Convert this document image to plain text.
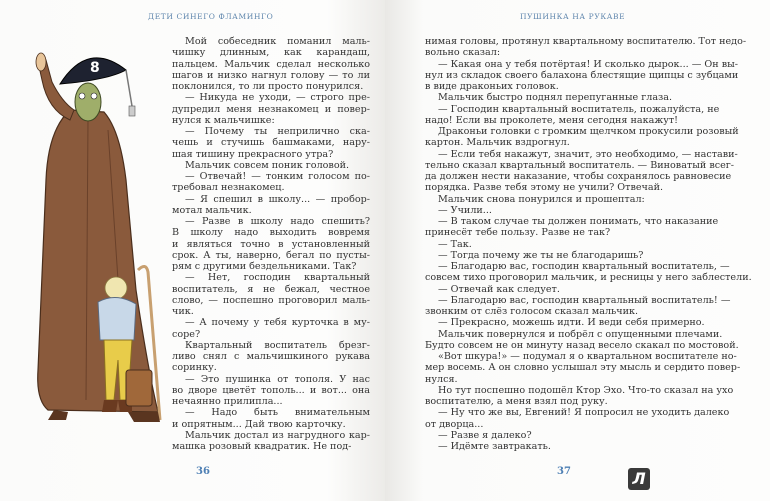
ДЕТИ СИНЕГО ФЛАМИНГО
8
Мой собеседник поманил маль-
чишку длинным, как карандаш,
пальцем. Мальчик сделал несколько
шагов и низко нагнул голову — то ли
поклонился, то ли просто понурился.
— Никуда не уходи, — строго пре-
дупредил меня незнакомец и повер-
нулся к мальчишке:
— Почему ты неприлично ска-
чешь и стучишь башмаками, нару-
шая тишину прекрасного утра?
Мальчик совсем поник головой.
— Отвечай! — тонким голосом по-
требовал незнакомец.
— Я спешил в школу... — пробор-
мотал мальчик.
— Разве в школу надо спешить?
В школу надо выходить вовремя
и являться точно в установленный
срок. А ты, наверно, бегал по пусты-
рям с другими бездельниками. Так?
— Нет, господин квартальный
воспитатель, я не бежал, честное
слово, — поспешно проговорил маль-
чик.
— А почему у тебя курточка в му-
соре?
Квартальный воспитатель брезг-
ливо снял с мальчишкиного рукава
соринку.
— Это пушинка от тополя. У нас
во дворе цветёт тополь... и вот... она
нечаянно прилипла...
— Надо быть внимательным
и опрятным... Дай твою карточку.
Мальчик достал из нагрудного кар-
машка розовый квадратик. Не под-
36
ПУШИНКА НА РУКАВЕ
нимая головы, протянул квартальному воспитателю. Тот недо-
вольно сказал:
— Какая она у тебя потёртая! И сколько дырок... — Он вы-
нул из складок своего балахона блестящие щипцы с зубцами
в виде драконьих головок.
Мальчик быстро поднял перепуганные глаза.
— Господин квартальный воспитатель, пожалуйста, не
надо! Если вы проколете, меня сегодня накажут!
Драконьи головки с громким щелчком прокусили розовый
картон. Мальчик вздрогнул.
— Если тебя накажут, значит, это необходимо, — настави-
тельно сказал квартальный воспитатель. — Виноватый всег-
да должен нести наказание, чтобы сохранялось равновесие
порядка. Разве тебя этому не учили? Отвечай.
Мальчик снова понурился и прошептал:
— Учили...
— В таком случае ты должен понимать, что наказание
принесёт тебе пользу. Разве не так?
— Так.
— Тогда почему же ты не благодаришь?
— Благодарю вас, господин квартальный воспитатель, —
совсем тихо проговорил мальчик, и ресницы у него заблестели.
— Отвечай как следует.
— Благодарю вас, господин квартальный воспитатель! —
звонким от слёз голосом сказал мальчик.
— Прекрасно, можешь идти. И веди себя примерно.
Мальчик повернулся и побрёл с опущенными плечами.
Будто совсем не он минуту назад весело скакал по мостовой.
«Вот шкура!» — подумал я о квартальном воспитателе но-
мер восемь. А он словно услышал эту мысль и сердито повер-
нулся.
Но тут поспешно подошёл Ктор Эхо. Что-то сказал на ухо
воспитателю, а меня взял под руку.
— Ну что же вы, Евгений! Я попросил не уходить далеко
от дворца...
— Разве я далеко?
— Идёмте завтракать.
37	Л
